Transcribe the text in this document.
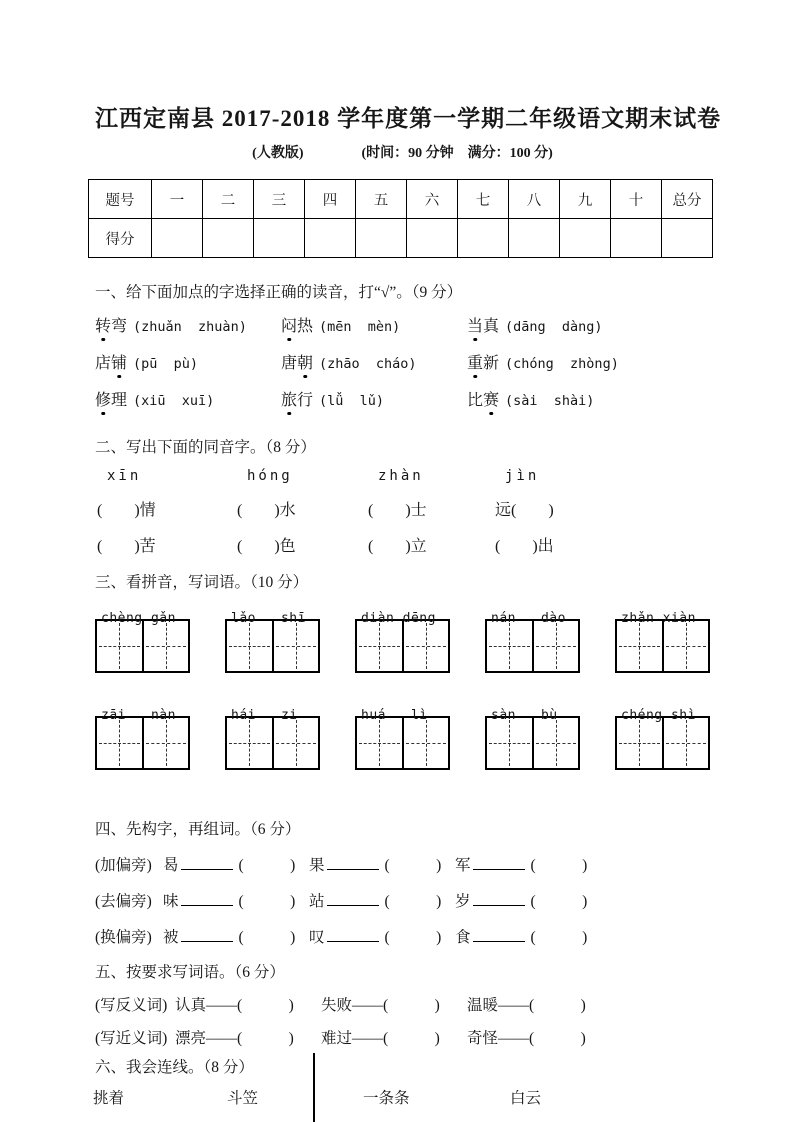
江西定南县 2017-2018 学年度第一学期二年级语文期末试卷
(人教版)	(时间：90 分钟　满分：100 分)
题号	一	二	三	四	五	六	七	八	九	十	总分
得分											
一、给下面加点的字选择正确的读音，打“√”。（9 分）
转弯 (zhuǎn  zhuàn)	闷热 (mēn  mèn)	当真 (dāng  dàng)
店铺 (pū  pù)	唐朝 (zhāo  cháo)	重新 (chóng  zhòng)
修理 (xiū  xuī)	旅行 (lǚ  lǔ)	比赛 (sài  shài)
二、写出下面的同音字。（8 分）
xīn	hóng	zhàn	jìn
(　　)情	(　　)水	(　　)士	远(　　)
(　　)苦	(　　)色	(　　)立	(　　)出
三、看拼音，写词语。（10 分）
chèng gǎn	lǎo   shī	diàn dēng	nán   dào	zhǎn xiàn
zāi   nàn	hái   zi	huá   lì	sàn   bù	chéng shì
四、先构字，再组词。（6 分）
(加偏旁) 曷	(　　　) 果	(　　　) 军	(　　　)
(去偏旁) 味	(　　　) 站	(　　　) 岁	(　　　)
(换偏旁) 被	(　　　) 叹	(　　　) 食	(　　　)
五、按要求写词语。（6 分）
(写反义词) 认真——(　　　)	失败——(　　　)	温暖——(　　　)
(写近义词) 漂亮——(　　　)	难过——(　　　)	奇怪——(　　　)
六、我会连线。（8 分）
挑着	斗笠	一条条	白云
